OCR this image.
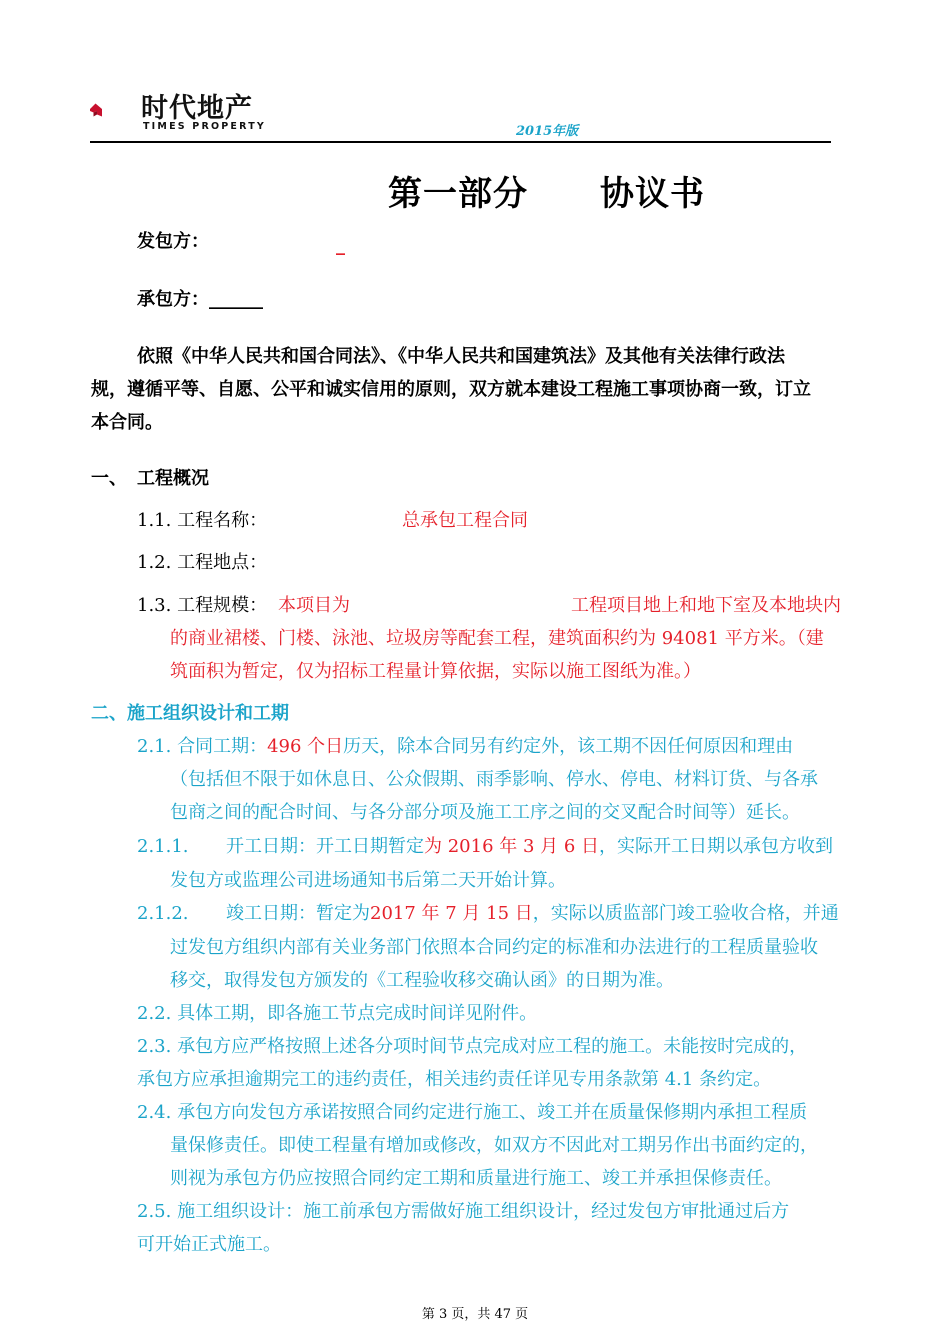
时代地产
TIMES PROPERTY	2015年版
第一部分 协议书
发包方：	_
承包方：______
依照《中华人民共和国合同法》、《中华人民共和国建筑法》及其他有关法律行政法
规，遵循平等、自愿、公平和诚实信用的原则，双方就本建设工程施工事项协商一致，订立
本合同。
一、 工程概况
1.1. 工程名称：	总承包工程合同
1.2. 工程地点：
1.3. 工程规模： 本项目为	工程项目地上和地下室及本地块内
的商业裙楼、门楼、泳池、垃圾房等配套工程，建筑面积约为 94081 平方米。（建
筑面积为暂定，仅为招标工程量计算依据，实际以施工图纸为准。）
二、施工组织设计和工期
2.1. 合同工期：496 个日历天，除本合同另有约定外，该工期不因任何原因和理由
（包括但不限于如休息日、公众假期、雨季影响、停水、停电、材料订货、与各承
包商之间的配合时间、与各分部分项及施工工序之间的交叉配合时间等）延长。
2.1.1. 开工日期：开工日期暂定为 2016 年 3 月 6 日，实际开工日期以承包方收到
发包方或监理公司进场通知书后第二天开始计算。
2.1.2. 竣工日期：暂定为2017 年 7 月 15 日，实际以质监部门竣工验收合格，并通
过发包方组织内部有关业务部门依照本合同约定的标准和办法进行的工程质量验收
移交，取得发包方颁发的《工程验收移交确认函》的日期为准。
2.2. 具体工期，即各施工节点完成时间详见附件。
2.3. 承包方应严格按照上述各分项时间节点完成对应工程的施工。未能按时完成的，
承包方应承担逾期完工的违约责任，相关违约责任详见专用条款第 4.1 条约定。
2.4. 承包方向发包方承诺按照合同约定进行施工、竣工并在质量保修期内承担工程质
量保修责任。即使工程量有增加或修改，如双方不因此对工期另作出书面约定的，
则视为承包方仍应按照合同约定工期和质量进行施工、竣工并承担保修责任。
2.5. 施工组织设计：施工前承包方需做好施工组织设计，经过发包方审批通过后方
可开始正式施工。
第 3 页，共 47 页
